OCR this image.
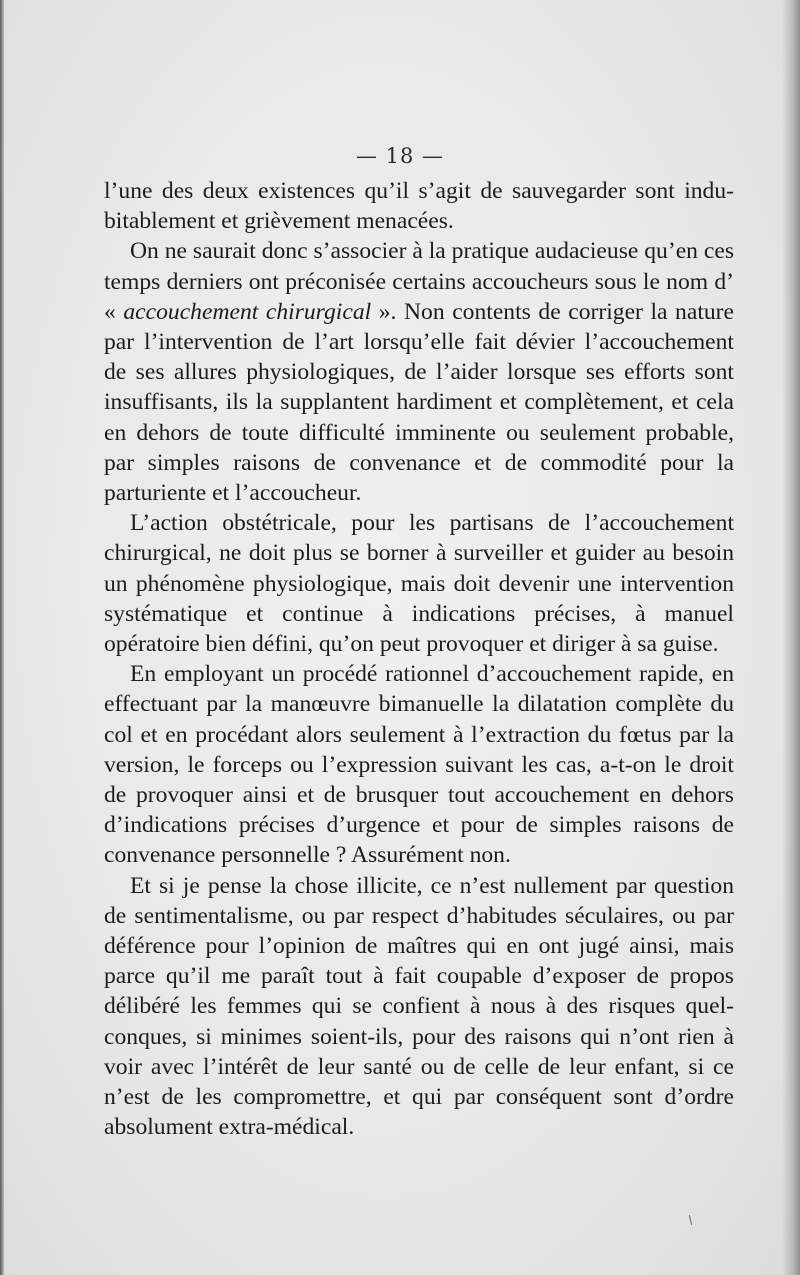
— 18 —

l’une des deux existences qu’il s’agit de sauvegarder sont indubitablement et grièvement menacées.

On ne saurait donc s’associer à la pratique audacieuse qu’en ces temps derniers ont préconisée certains accoucheurs sous le nom d’ « accouchement chirurgical ». Non contents de corriger la nature par l’intervention de l’art lorsqu’elle fait dévier l’accouchement de ses allures physiologiques, de l’aider lorsque ses efforts sont insuffisants, ils la supplantent hardiment et complètement, et cela en dehors de toute difficulté imminente ou seulement probable, par simples raisons de convenance et de commodité pour la parturiente et l’accoucheur.

L’action obstétricale, pour les partisans de l’accouchement chirurgical, ne doit plus se borner à surveiller et guider au besoin un phénomène physiologique, mais doit devenir une intervention systématique et continue à indications précises, à manuel opératoire bien défini, qu’on peut provoquer et diriger à sa guise.

En employant un procédé rationnel d’accouchement rapide, en effectuant par la manœuvre bimanuelle la dilatation complète du col et en procédant alors seulement à l’extraction du fœtus par la version, le forceps ou l’expression suivant les cas, a-t-on le droit de provoquer ainsi et de brusquer tout accouchement en dehors d’indications précises d’urgence et pour de simples raisons de convenance personnelle ? Assurément non.

Et si je pense la chose illicite, ce n’est nullement par question de sentimentalisme, ou par respect d’habitudes séculaires, ou par déférence pour l’opinion de maîtres qui en ont jugé ainsi, mais parce qu’il me paraît tout à fait coupable d’exposer de propos délibéré les femmes qui se confient à nous à des risques quelconques, si minimes soient-ils, pour des raisons qui n’ont rien à voir avec l’intérêt de leur santé ou de celle de leur enfant, si ce n’est de les compromettre, et qui par conséquent sont d’ordre absolument extra-médical.
